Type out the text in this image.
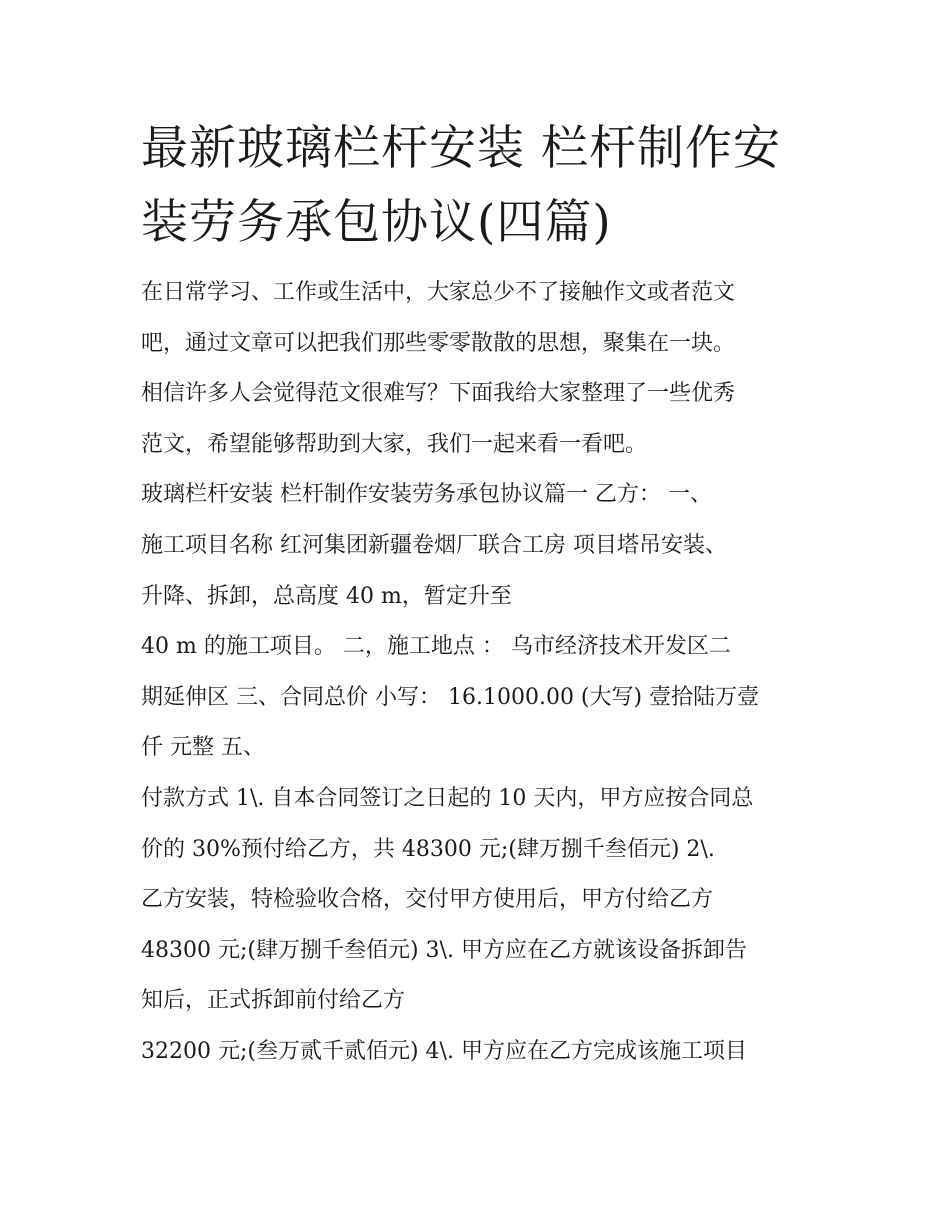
最新玻璃栏杆安装 栏杆制作安
装劳务承包协议(四篇)
在日常学习、工作或生活中，大家总少不了接触作文或者范文
吧，通过文章可以把我们那些零零散散的思想，聚集在一块。
相信许多人会觉得范文很难写？下面我给大家整理了一些优秀
范文，希望能够帮助到大家，我们一起来看一看吧。
玻璃栏杆安装 栏杆制作安装劳务承包协议篇一 乙方： 一、
施工项目名称 红河集团新疆卷烟厂联合工房 项目塔吊安装、
升降、拆卸，总高度 40 m，暂定升至
40 m 的施工项目。 二，施工地点 ： 乌市经济技术开发区二
期延伸区 三、合同总价 小写： 16.1000.00 (大写) 壹拾陆万壹
仟 元整 五、
付款方式 1\. 自本合同签订之日起的 10 天内，甲方应按合同总
价的 30%预付给乙方，共 48300 元;(肆万捌千叁佰元) 2\.
乙方安装，特检验收合格，交付甲方使用后，甲方付给乙方
48300 元;(肆万捌千叁佰元) 3\. 甲方应在乙方就该设备拆卸告
知后，正式拆卸前付给乙方
32200 元;(叁万贰千贰佰元) 4\. 甲方应在乙方完成该施工项目
